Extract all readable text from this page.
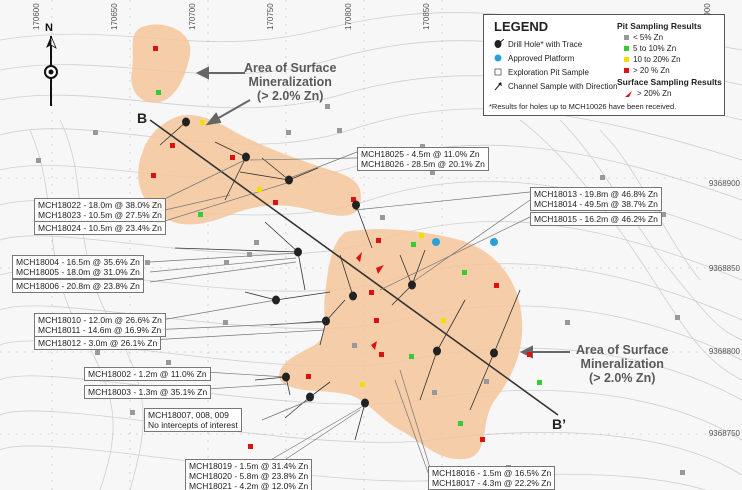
170600	170650	170700	170750	170800	170850
9368900
9368850
9368800
9368750
N
Area of Surface
Mineralization
(> 2.0% Zn)
Area of Surface
Mineralization
(> 2.0% Zn)
B
B’
MCH18025 - 4.5m @ 11.0% Zn
MCH18026 - 28.5m @ 20.1% Zn
MCH18022 - 18.0m @ 38.0% Zn
MCH18023 - 10.5m @ 27.5% Zn
MCH18024 - 10.5m @ 23.4% Zn
MCH18013 - 19.8m @ 46.8% Zn
MCH18014 - 49.5m @ 38.7% Zn
MCH18015 - 16.2m @ 46.2% Zn
MCH18004 - 16.5m @ 35.6% Zn
MCH18005 - 18.0m @ 31.0% Zn
MCH18006 - 20.8m @ 23.8% Zn
MCH18010 - 12.0m @ 26.6% Zn
MCH18011 - 14.6m @ 16.9% Zn
MCH18012 - 3.0m @ 26.1% Zn
MCH18002 - 1.2m @ 11.0% Zn
MCH18003 - 1.3m @ 35.1% Zn
MCH18007, 008, 009
No intercepts of interest
MCH18019 - 1.5m @ 31.4% Zn
MCH18020 - 5.8m @ 23.8% Zn
MCH18021 - 4.2m @ 12.0% Zn
MCH18016 - 1.5m @ 16.5% Zn
MCH18017 - 4.3m @ 22.2% Zn
LEGEND
Drill Hole* with Trace
Approved Platform
Exploration Pit Sample
Channel Sample with Direction
Pit Sampling Results
< 5% Zn
5 to 10% Zn
10 to 20% Zn
> 20 % Zn
Surface Sampling Results
> 20% Zn
*Results for holes up to MCH10026 have been received.
